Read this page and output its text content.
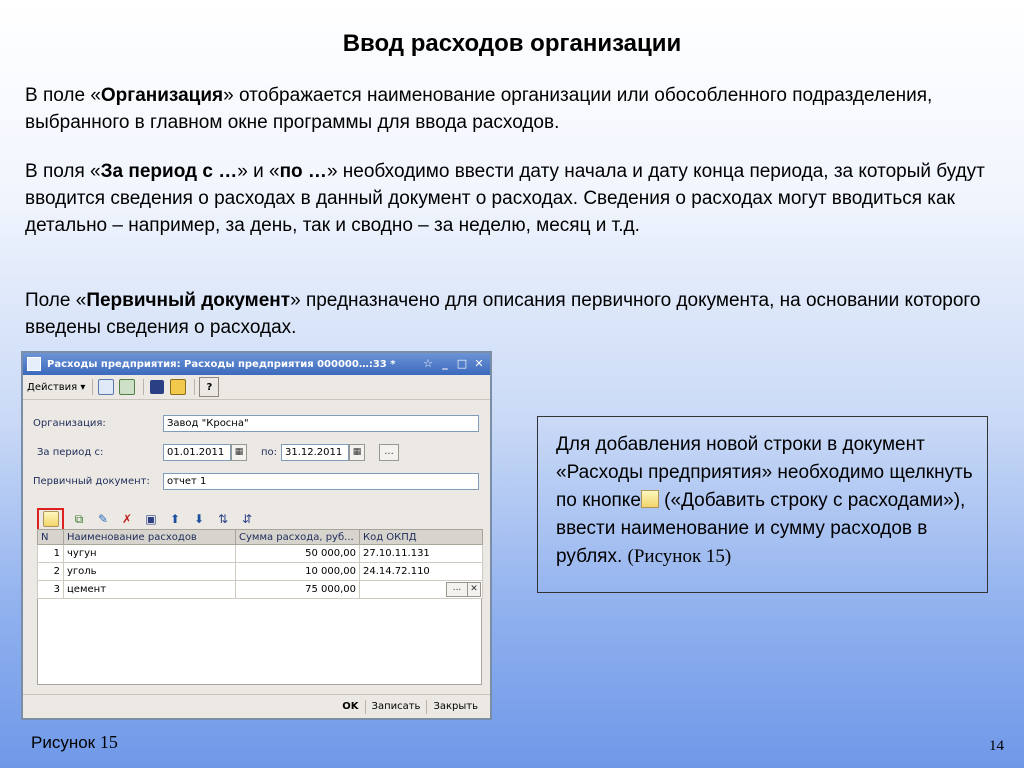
Ввод расходов организации
В поле «Организация» отображается наименование организации или обособленного подразделения, выбранного в главном окне программы для ввода расходов.
В поля «За период с …» и «по …» необходимо ввести дату начала и дату конца периода, за который будут вводится сведения о расходах в данный документ о расходах. Сведения о расходах могут вводиться как детально – например, за день, так и сводно – за неделю, месяц и т.д.
Поле «Первичный документ» предназначено для описания первичного документа, на основании которого введены сведения о расходах.
Расходы предприятия: Расходы предприятия 000000…:33 *	☆ _ □ ✕
Действия ▾	?
Организация:	Завод "Кросна"
За период с:	01.01.2011	▦	по: 31.12.2011	▦	...
Первичный документ:	отчет 1
⧉	✎	✗	▣	⬆	⬇	⇅	⇵
N	Наименование расходов	Сумма расхода, руб...	Код ОКПД
1	чугун	50 000,00	27.10.11.131
2	уголь	10 000,00	24.14.72.110
3	цемент	75 000,00	... ✕
OK	Записать	Закрыть
Для добавления новой строки в документ «Расходы предприятия» необходимо щелкнуть по кнопке («Добавить строку с расходами»), ввести наименование и сумму расходов в рублях. (Рисунок 15)
Рисунок 15	14
